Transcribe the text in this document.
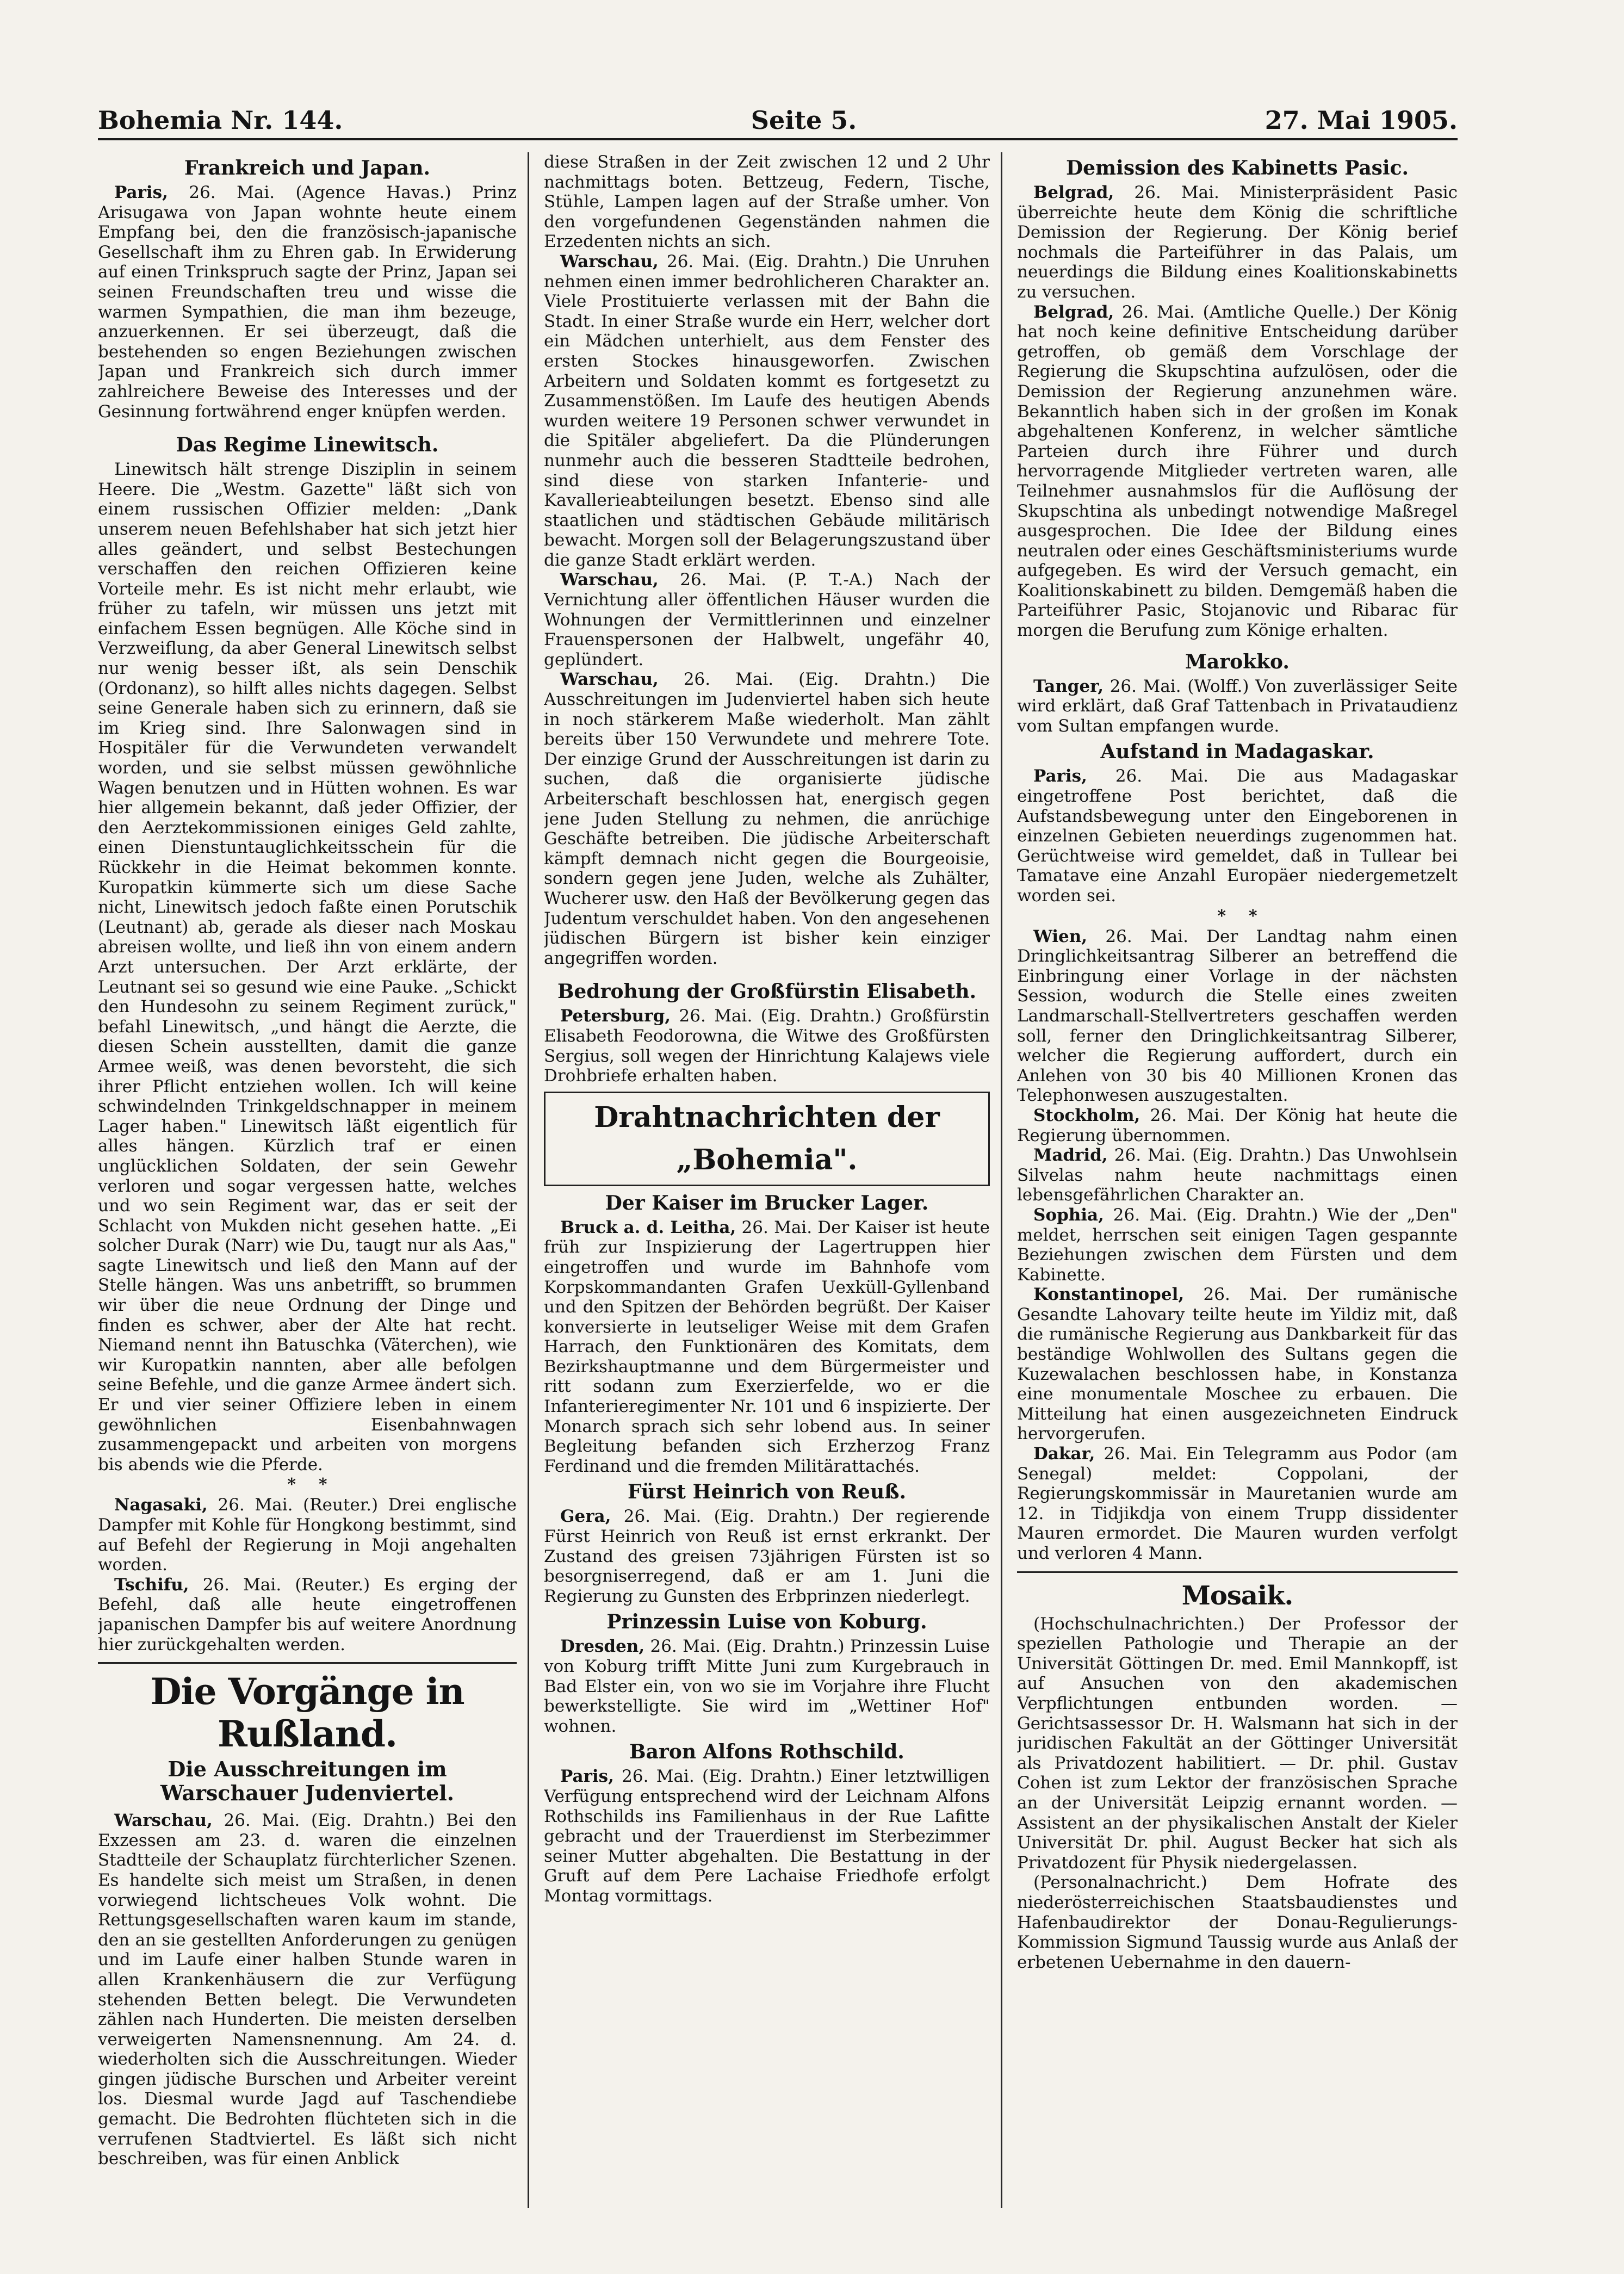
Bohemia Nr. 144.	Seite 5.	27. Mai 1905.
Frankreich und Japan.

Paris, 26. Mai. (Agence Havas.) Prinz Arisugawa von Japan wohnte heute einem Empfang bei, den die französisch-japanische Gesellschaft ihm zu Ehren gab. In Erwiderung auf einen Trinkspruch sagte der Prinz, Japan sei seinen Freundschaften treu und wisse die warmen Sympathien, die man ihm bezeuge, anzuerkennen. Er sei überzeugt, daß die bestehenden so engen Beziehungen zwischen Japan und Frankreich sich durch immer zahlreichere Beweise des Interesses und der Gesinnung fortwährend enger knüpfen werden.

Das Regime Linewitsch.

Linewitsch hält strenge Disziplin in seinem Heere. Die „Westm. Gazette" läßt sich von einem russischen Offizier melden: „Dank unserem neuen Befehlshaber hat sich jetzt hier alles geändert, und selbst Bestechungen verschaffen den reichen Offizieren keine Vorteile mehr. Es ist nicht mehr erlaubt, wie früher zu tafeln, wir müssen uns jetzt mit einfachem Essen begnügen. Alle Köche sind in Verzweiflung, da aber General Linewitsch selbst nur wenig besser ißt, als sein Denschik (Ordonanz), so hilft alles nichts dagegen. Selbst seine Generale haben sich zu erinnern, daß sie im Krieg sind. Ihre Salonwagen sind in Hospitäler für die Verwundeten verwandelt worden, und sie selbst müssen gewöhnliche Wagen benutzen und in Hütten wohnen. Es war hier allgemein bekannt, daß jeder Offizier, der den Aerztekommissionen einiges Geld zahlte, einen Dienstuntauglichkeitsschein für die Rückkehr in die Heimat bekommen konnte. Kuropatkin kümmerte sich um diese Sache nicht, Linewitsch jedoch faßte einen Porutschik (Leutnant) ab, gerade als dieser nach Moskau abreisen wollte, und ließ ihn von einem andern Arzt untersuchen. Der Arzt erklärte, der Leutnant sei so gesund wie eine Pauke. „Schickt den Hundesohn zu seinem Regiment zurück," befahl Linewitsch, „und hängt die Aerzte, die diesen Schein ausstellten, damit die ganze Armee weiß, was denen bevorsteht, die sich ihrer Pflicht entziehen wollen. Ich will keine schwindelnden Trinkgeldschnapper in meinem Lager haben." Linewitsch läßt eigentlich für alles hängen. Kürzlich traf er einen unglücklichen Soldaten, der sein Gewehr verloren und sogar vergessen hatte, welches und wo sein Regiment war, das er seit der Schlacht von Mukden nicht gesehen hatte. „Ei solcher Durak (Narr) wie Du, taugt nur als Aas," sagte Linewitsch und ließ den Mann auf der Stelle hängen. Was uns anbetrifft, so brummen wir über die neue Ordnung der Dinge und finden es schwer, aber der Alte hat recht. Niemand nennt ihn Batuschka (Väterchen), wie wir Kuropatkin nannten, aber alle befolgen seine Befehle, und die ganze Armee ändert sich. Er und vier seiner Offiziere leben in einem gewöhnlichen Eisenbahnwagen zusammengepackt und arbeiten von morgens bis abends wie die Pferde.

*    *

Nagasaki, 26. Mai. (Reuter.) Drei englische Dampfer mit Kohle für Hongkong bestimmt, sind auf Befehl der Regierung in Moji angehalten worden.

Tschifu, 26. Mai. (Reuter.) Es erging der Befehl, daß alle heute eingetroffenen japanischen Dampfer bis auf weitere Anordnung hier zurückgehalten werden.

Die Vorgänge in Rußland.
Die Ausschreitungen im Warschauer Judenviertel.

Warschau, 26. Mai. (Eig. Drahtn.) Bei den Exzessen am 23. d. waren die einzelnen Stadtteile der Schauplatz fürchterlicher Szenen. Es handelte sich meist um Straßen, in denen vorwiegend lichtscheues Volk wohnt. Die Rettungsgesellschaften waren kaum im stande, den an sie gestellten Anforderungen zu genügen und im Laufe einer halben Stunde waren in allen Krankenhäusern die zur Verfügung stehenden Betten belegt. Die Verwundeten zählen nach Hunderten. Die meisten derselben verweigerten Namensnennung. Am 24. d. wiederholten sich die Ausschreitungen. Wieder gingen jüdische Burschen und Arbeiter vereint los. Diesmal wurde Jagd auf Taschendiebe gemacht. Die Bedrohten flüchteten sich in die verrufenen Stadtviertel. Es läßt sich nicht beschreiben, was für einen Anblick

diese Straßen in der Zeit zwischen 12 und 2 Uhr nachmittags boten. Bettzeug, Federn, Tische, Stühle, Lampen lagen auf der Straße umher. Von den vorgefundenen Gegenständen nahmen die Erzedenten nichts an sich.

Warschau, 26. Mai. (Eig. Drahtn.) Die Unruhen nehmen einen immer bedrohlicheren Charakter an. Viele Prostituierte verlassen mit der Bahn die Stadt. In einer Straße wurde ein Herr, welcher dort ein Mädchen unterhielt, aus dem Fenster des ersten Stockes hinausgeworfen. Zwischen Arbeitern und Soldaten kommt es fortgesetzt zu Zusammenstößen. Im Laufe des heutigen Abends wurden weitere 19 Personen schwer verwundet in die Spitäler abgeliefert. Da die Plünderungen nunmehr auch die besseren Stadtteile bedrohen, sind diese von starken Infanterie- und Kavallerieabteilungen besetzt. Ebenso sind alle staatlichen und städtischen Gebäude militärisch bewacht. Morgen soll der Belagerungszustand über die ganze Stadt erklärt werden.

Warschau, 26. Mai. (P. T.-A.) Nach der Vernichtung aller öffentlichen Häuser wurden die Wohnungen der Vermittlerinnen und einzelner Frauenspersonen der Halbwelt, ungefähr 40, geplündert.

Warschau, 26. Mai. (Eig. Drahtn.) Die Ausschreitungen im Judenviertel haben sich heute in noch stärkerem Maße wiederholt. Man zählt bereits über 150 Verwundete und mehrere Tote. Der einzige Grund der Ausschreitungen ist darin zu suchen, daß die organisierte jüdische Arbeiterschaft beschlossen hat, energisch gegen jene Juden Stellung zu nehmen, die anrüchige Geschäfte betreiben. Die jüdische Arbeiterschaft kämpft demnach nicht gegen die Bourgeoisie, sondern gegen jene Juden, welche als Zuhälter, Wucherer usw. den Haß der Bevölkerung gegen das Judentum verschuldet haben. Von den angesehenen jüdischen Bürgern ist bisher kein einziger angegriffen worden.

Bedrohung der Großfürstin Elisabeth.

Petersburg, 26. Mai. (Eig. Drahtn.) Großfürstin Elisabeth Feodorowna, die Witwe des Großfürsten Sergius, soll wegen der Hinrichtung Kalajews viele Drohbriefe erhalten haben.

Drahtnachrichten der „Bohemia".
Der Kaiser im Brucker Lager.

Bruck a. d. Leitha, 26. Mai. Der Kaiser ist heute früh zur Inspizierung der Lagertruppen hier eingetroffen und wurde im Bahnhofe vom Korpskommandanten Grafen Uexküll-Gyllenband und den Spitzen der Behörden begrüßt. Der Kaiser konversierte in leutseliger Weise mit dem Grafen Harrach, den Funktionären des Komitats, dem Bezirkshauptmanne und dem Bürgermeister und ritt sodann zum Exerzierfelde, wo er die Infanterieregimenter Nr. 101 und 6 inspizierte. Der Monarch sprach sich sehr lobend aus. In seiner Begleitung befanden sich Erzherzog Franz Ferdinand und die fremden Militärattachés.

Fürst Heinrich von Reuß.

Gera, 26. Mai. (Eig. Drahtn.) Der regierende Fürst Heinrich von Reuß ist ernst erkrankt. Der Zustand des greisen 73jährigen Fürsten ist so besorgniserregend, daß er am 1. Juni die Regierung zu Gunsten des Erbprinzen niederlegt.

Prinzessin Luise von Koburg.

Dresden, 26. Mai. (Eig. Drahtn.) Prinzessin Luise von Koburg trifft Mitte Juni zum Kurgebrauch in Bad Elster ein, von wo sie im Vorjahre ihre Flucht bewerkstelligte. Sie wird im „Wettiner Hof" wohnen.

Baron Alfons Rothschild.

Paris, 26. Mai. (Eig. Drahtn.) Einer letztwilligen Verfügung entsprechend wird der Leichnam Alfons Rothschilds ins Familienhaus in der Rue Lafitte gebracht und der Trauerdienst im Sterbezimmer seiner Mutter abgehalten. Die Bestattung in der Gruft auf dem Pere Lachaise Friedhofe erfolgt Montag vormittags.

Demission des Kabinetts Pasic.

Belgrad, 26. Mai. Ministerpräsident Pasic überreichte heute dem König die schriftliche Demission der Regierung. Der König berief nochmals die Parteiführer in das Palais, um neuerdings die Bildung eines Koalitionskabinetts zu versuchen.

Belgrad, 26. Mai. (Amtliche Quelle.) Der König hat noch keine definitive Entscheidung darüber getroffen, ob gemäß dem Vorschlage der Regierung die Skupschtina aufzulösen, oder die Demission der Regierung anzunehmen wäre. Bekanntlich haben sich in der großen im Konak abgehaltenen Konferenz, in welcher sämtliche Parteien durch ihre Führer und durch hervorragende Mitglieder vertreten waren, alle Teilnehmer ausnahmslos für die Auflösung der Skupschtina als unbedingt notwendige Maßregel ausgesprochen. Die Idee der Bildung eines neutralen oder eines Geschäftsministeriums wurde aufgegeben. Es wird der Versuch gemacht, ein Koalitionskabinett zu bilden. Demgemäß haben die Parteiführer Pasic, Stojanovic und Ribarac für morgen die Berufung zum Könige erhalten.

Marokko.

Tanger, 26. Mai. (Wolff.) Von zuverlässiger Seite wird erklärt, daß Graf Tattenbach in Privataudienz vom Sultan empfangen wurde.

Aufstand in Madagaskar.

Paris, 26. Mai. Die aus Madagaskar eingetroffene Post berichtet, daß die Aufstandsbewegung unter den Eingeborenen in einzelnen Gebieten neuerdings zugenommen hat. Gerüchtweise wird gemeldet, daß in Tullear bei Tamatave eine Anzahl Europäer niedergemetzelt worden sei.

*    *

Wien, 26. Mai. Der Landtag nahm einen Dringlichkeitsantrag Silberer an betreffend die Einbringung einer Vorlage in der nächsten Session, wodurch die Stelle eines zweiten Landmarschall-Stellvertreters geschaffen werden soll, ferner den Dringlichkeitsantrag Silberer, welcher die Regierung auffordert, durch ein Anlehen von 30 bis 40 Millionen Kronen das Telephonwesen auszugestalten.

Stockholm, 26. Mai. Der König hat heute die Regierung übernommen.

Madrid, 26. Mai. (Eig. Drahtn.) Das Unwohlsein Silvelas nahm heute nachmittags einen lebensgefährlichen Charakter an.

Sophia, 26. Mai. (Eig. Drahtn.) Wie der „Den" meldet, herrschen seit einigen Tagen gespannte Beziehungen zwischen dem Fürsten und dem Kabinette.

Konstantinopel, 26. Mai. Der rumänische Gesandte Lahovary teilte heute im Yildiz mit, daß die rumänische Regierung aus Dankbarkeit für das beständige Wohlwollen des Sultans gegen die Kuzewalachen beschlossen habe, in Konstanza eine monumentale Moschee zu erbauen. Die Mitteilung hat einen ausgezeichneten Eindruck hervorgerufen.

Dakar, 26. Mai. Ein Telegramm aus Podor (am Senegal) meldet: Coppolani, der Regierungskommissär in Mauretanien wurde am 12. in Tidjikdja von einem Trupp dissidenter Mauren ermordet. Die Mauren wurden verfolgt und verloren 4 Mann.

Mosaik.

(Hochschulnachrichten.) Der Professor der speziellen Pathologie und Therapie an der Universität Göttingen Dr. med. Emil Mannkopff, ist auf Ansuchen von den akademischen Verpflichtungen entbunden worden. — Gerichtsassessor Dr. H. Walsmann hat sich in der juridischen Fakultät an der Göttinger Universität als Privatdozent habilitiert. — Dr. phil. Gustav Cohen ist zum Lektor der französischen Sprache an der Universität Leipzig ernannt worden. — Assistent an der physikalischen Anstalt der Kieler Universität Dr. phil. August Becker hat sich als Privatdozent für Physik niedergelassen.

(Personalnachricht.) Dem Hofrate des niederösterreichischen Staatsbaudienstes und Hafenbaudirektor der Donau-Regulierungs-Kommission Sigmund Taussig wurde aus Anlaß der erbetenen Uebernahme in den dauern-
